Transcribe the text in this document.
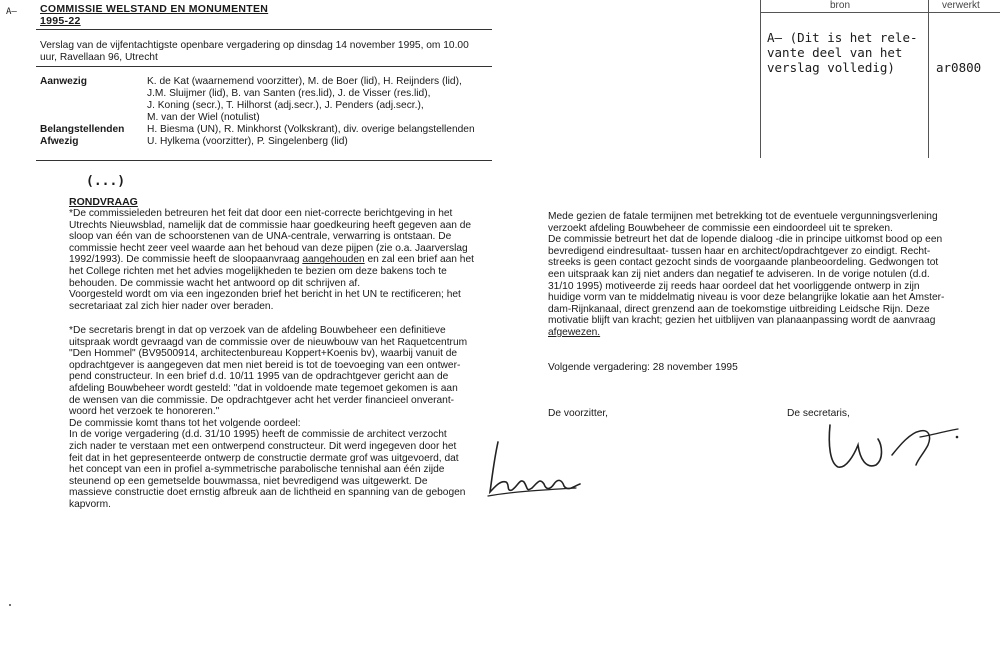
A— COMMISSIE WELSTAND EN MONUMENTEN
1995-22
Verslag van de vijfentachtigste openbare vergadering op dinsdag 14 november 1995, om 10.00
uur, Ravellaan 96, Utrecht
Aanwezig	K. de Kat (waarnemend voorzitter), M. de Boer (lid), H. Reijnders (lid),
J.M. Sluijmer (lid), B. van Santen (res.lid), J. de Visser (res.lid),
J. Koning (secr.), T. Hilhorst (adj.secr.), J. Penders (adj.secr.),
M. van der Wiel (notulist)
Belangstellenden H. Biesma (UN), R. Minkhorst (Volkskrant), div. overige belangstellenden
Afwezig	U. Hylkema (voorzitter), P. Singelenberg (lid)
bron	verwerkt
A— (Dit is het rele-
vante deel van het
verslag volledig)	ar0800
(...)
RONDVRAAG
*De commissieleden betreuren het feit dat door een niet-correcte berichtgeving in het
Utrechts Nieuwsblad, namelijk dat de commissie haar goedkeuring heeft gegeven aan de
sloop van één van de schoorstenen van de UNA-centrale, verwarring is ontstaan. De
commissie hecht zeer veel waarde aan het behoud van deze pijpen (zie o.a. Jaarverslag
1992/1993). De commissie heeft de sloopaanvraag aangehouden en zal een brief aan het
het College richten met het advies mogelijkheden te bezien om deze bakens toch te
behouden. De commissie wacht het antwoord op dit schrijven af.
Voorgesteld wordt om via een ingezonden brief het bericht in het UN te rectificeren; het
secretariaat zal zich hier nader over beraden.
*De secretaris brengt in dat op verzoek van de afdeling Bouwbeheer een definitieve
uitspraak wordt gevraagd van de commissie over de nieuwbouw van het Raquetcentrum
"Den Hommel" (BV9500914, architectenbureau Koppert+Koenis bv), waarbij vanuit de
opdrachtgever is aangegeven dat men niet bereid is tot de toevoeging van een ontwer-
pend constructeur. In een brief d.d. 10/11 1995 van de opdrachtgever gericht aan de
afdeling Bouwbeheer wordt gesteld: "dat in voldoende mate tegemoet gekomen is aan
de wensen van die commissie. De opdrachtgever acht het verder financieel onverant-
woord het verzoek te honoreren."
De commissie komt thans tot het volgende oordeel:
In de vorige vergadering (d.d. 31/10 1995) heeft de commissie de architect verzocht
zich nader te verstaan met een ontwerpend constructeur. Dit werd ingegeven door het
feit dat in het gepresenteerde ontwerp de constructie dermate grof was uitgevoerd, dat
het concept van een in profiel a-symmetrische parabolische tennishal aan één zijde
steunend op een gemetselde bouwmassa, niet bevredigend was uitgewerkt. De
massieve constructie doet ernstig afbreuk aan de lichtheid en spanning van de gebogen
kapvorm.
Mede gezien de fatale termijnen met betrekking tot de eventuele vergunningsverlening
verzoekt afdeling Bouwbeheer de commissie een eindoordeel uit te spreken.
De commissie betreurt het dat de lopende dialoog -die in principe uitkomst bood op een
bevredigend eindresultaat- tussen haar en architect/opdrachtgever zo eindigt. Recht-
streeks is geen contact gezocht sinds de voorgaande planbeoordeling. Gedwongen tot
een uitspraak kan zij niet anders dan negatief te adviseren. In de vorige notulen (d.d.
31/10 1995) motiveerde zij reeds haar oordeel dat het voorliggende ontwerp in zijn
huidige vorm van te middelmatig niveau is voor deze belangrijke lokatie aan het Amster-
dam-Rijnkanaal, direct grenzend aan de toekomstige uitbreiding Leidsche Rijn. Deze
motivatie blijft van kracht; gezien het uitblijven van planaanpassing wordt de aanvraag
afgewezen.
Volgende vergadering: 28 november 1995
De voorzitter,	De secretaris,
